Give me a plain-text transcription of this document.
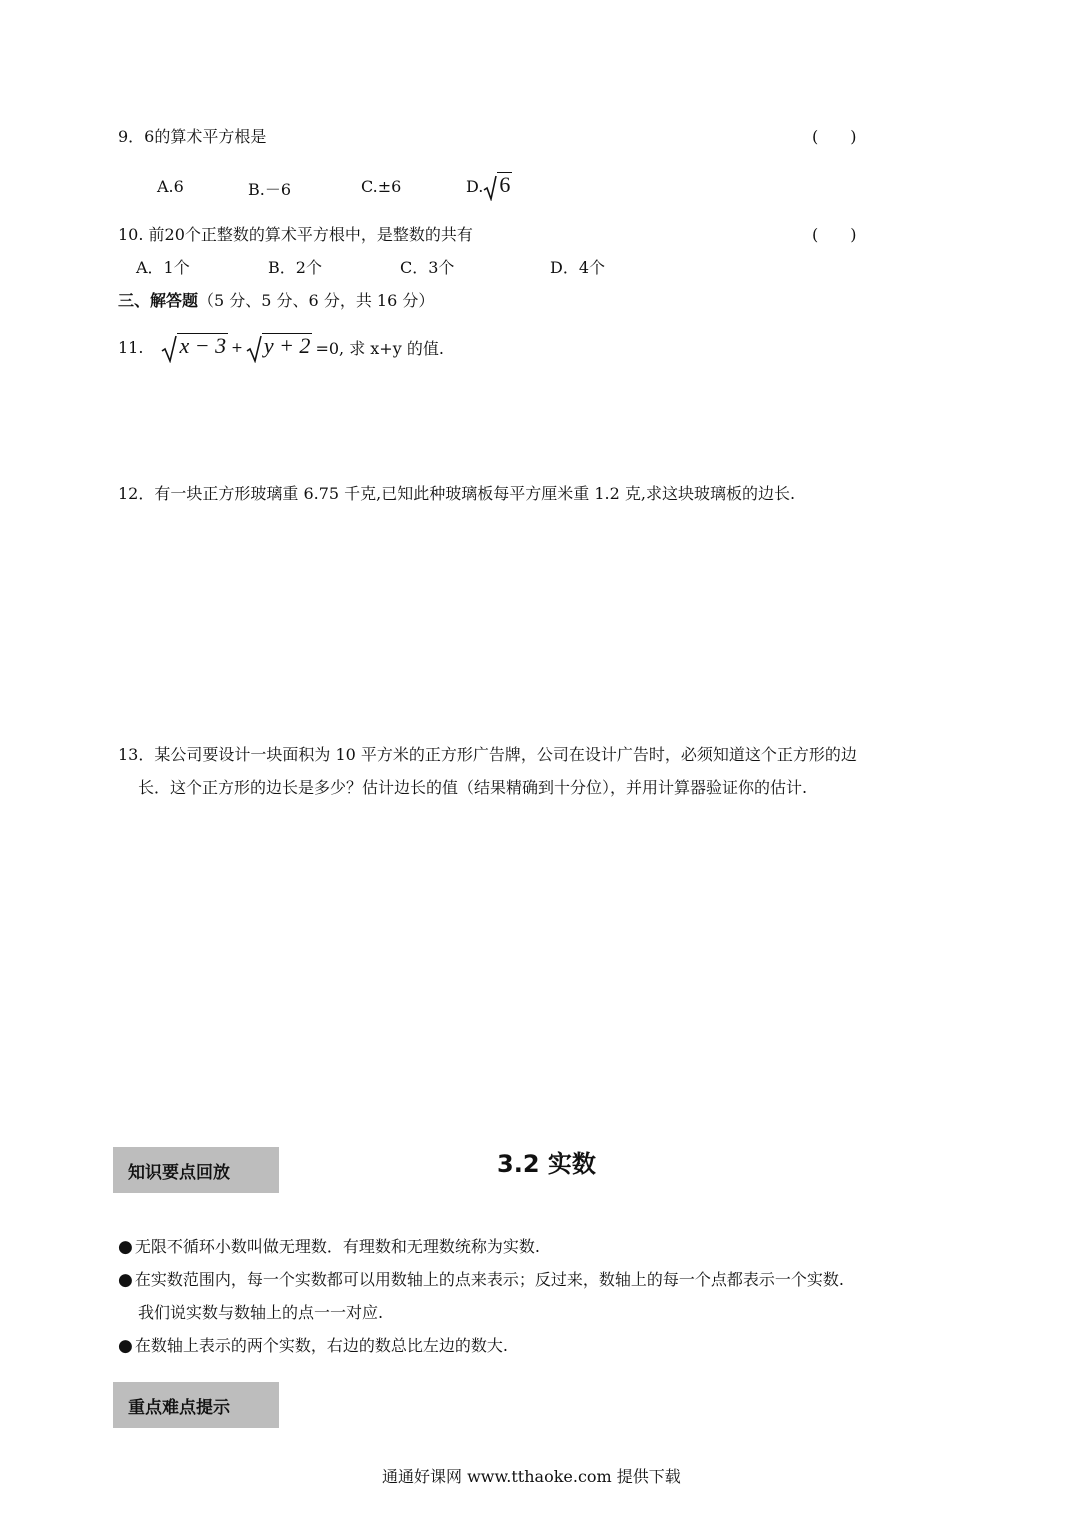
9．6的算术平方根是	(　　)
A.6	B.－6	C.±6	D. 6
10. 前20个正整数的算术平方根中，是整数的共有	(　　)
A．1个	B．2个	C．3个	D．4个
三、解答题（5 分、5 分、6 分，共 16 分）
11. x − 3 + y + 2 =0, 求 x+y 的值.
12．有一块正方形玻璃重 6.75 千克,已知此种玻璃板每平方厘米重 1.2 克,求这块玻璃板的边长.
13．某公司要设计一块面积为 10 平方米的正方形广告牌，公司在设计广告时，必须知道这个正方形的边
长．这个正方形的边长是多少？估计边长的值（结果精确到十分位），并用计算器验证你的估计.
知识要点回放	3.2 实数
● 无限不循环小数叫做无理数．有理数和无理数统称为实数.
● 在实数范围内，每一个实数都可以用数轴上的点来表示；反过来，数轴上的每一个点都表示一个实数.
我们说实数与数轴上的点一一对应.
● 在数轴上表示的两个实数，右边的数总比左边的数大.
重点难点提示
通通好课网 www.tthaoke.com 提供下载
